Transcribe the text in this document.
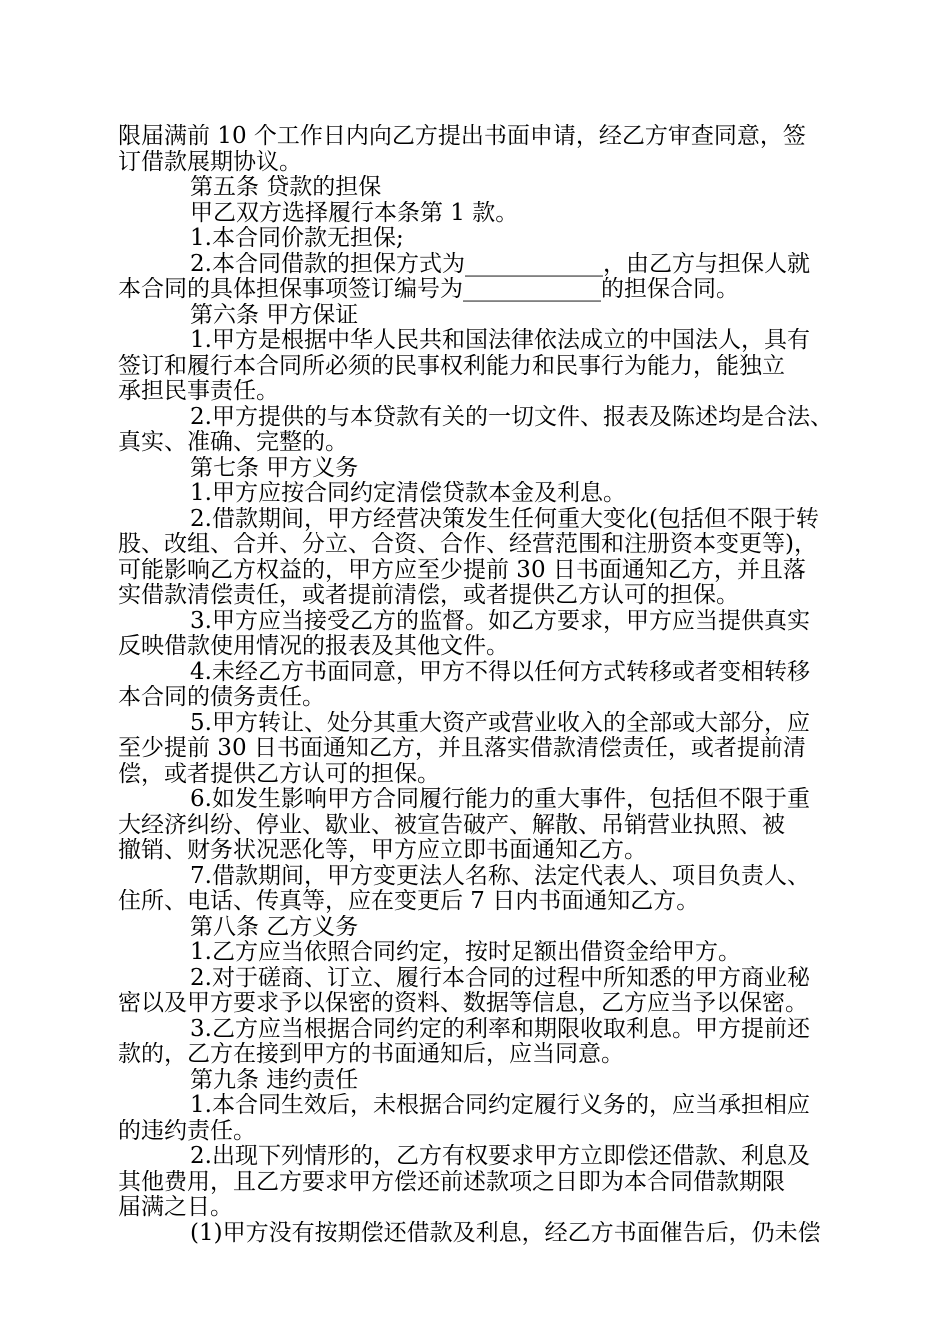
限届满前 10 个工作日内向乙方提出书面申请，经乙方审查同意，签
订借款展期协议。
第五条 贷款的担保
甲乙双方选择履行本条第 1 款。
1.本合同价款无担保;
2.本合同借款的担保方式为____________，由乙方与担保人就
本合同的具体担保事项签订编号为____________的担保合同。
第六条 甲方保证
1.甲方是根据中华人民共和国法律依法成立的中国法人，具有
签订和履行本合同所必须的民事权利能力和民事行为能力，能独立
承担民事责任。
2.甲方提供的与本贷款有关的一切文件、报表及陈述均是合法、
真实、准确、完整的。
第七条 甲方义务
1.甲方应按合同约定清偿贷款本金及利息。
2.借款期间，甲方经营决策发生任何重大变化(包括但不限于转
股、改组、合并、分立、合资、合作、经营范围和注册资本变更等)，
可能影响乙方权益的，甲方应至少提前 30 日书面通知乙方，并且落
实借款清偿责任，或者提前清偿，或者提供乙方认可的担保。
3.甲方应当接受乙方的监督。如乙方要求，甲方应当提供真实
反映借款使用情况的报表及其他文件。
4.未经乙方书面同意，甲方不得以任何方式转移或者变相转移
本合同的债务责任。
5.甲方转让、处分其重大资产或营业收入的全部或大部分，应
至少提前 30 日书面通知乙方，并且落实借款清偿责任，或者提前清
偿，或者提供乙方认可的担保。
6.如发生影响甲方合同履行能力的重大事件，包括但不限于重
大经济纠纷、停业、歇业、被宣告破产、解散、吊销营业执照、被
撤销、财务状况恶化等，甲方应立即书面通知乙方。
7.借款期间，甲方变更法人名称、法定代表人、项目负责人、
住所、电话、传真等，应在变更后 7 日内书面通知乙方。
第八条 乙方义务
1.乙方应当依照合同约定，按时足额出借资金给甲方。
2.对于磋商、订立、履行本合同的过程中所知悉的甲方商业秘
密以及甲方要求予以保密的资料、数据等信息，乙方应当予以保密。
3.乙方应当根据合同约定的利率和期限收取利息。甲方提前还
款的，乙方在接到甲方的书面通知后，应当同意。
第九条 违约责任
1.本合同生效后，未根据合同约定履行义务的，应当承担相应
的违约责任。
2.出现下列情形的，乙方有权要求甲方立即偿还借款、利息及
其他费用，且乙方要求甲方偿还前述款项之日即为本合同借款期限
届满之日。
(1)甲方没有按期偿还借款及利息，经乙方书面催告后，仍未偿
